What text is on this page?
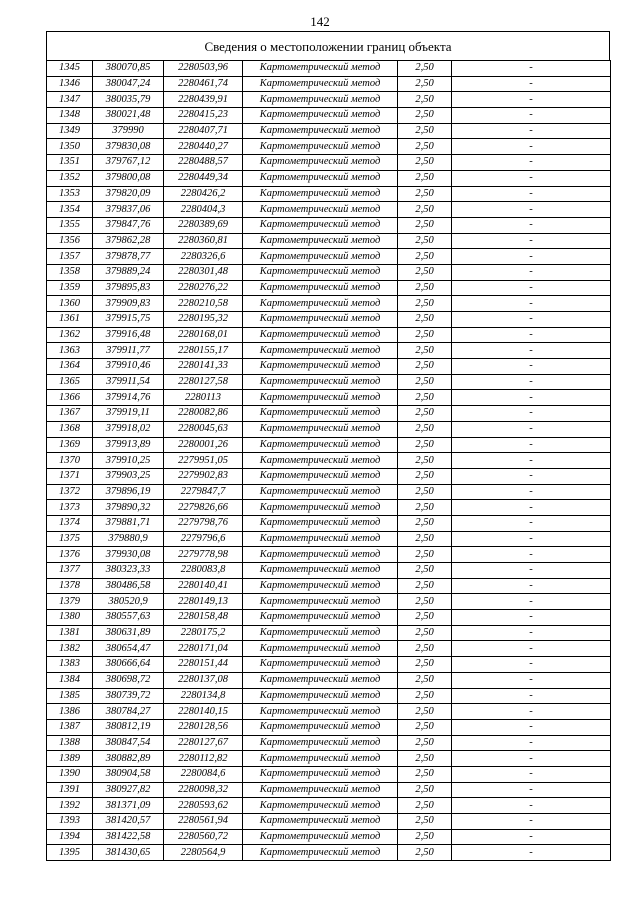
142
Сведения о местоположении границ объекта
1345	380070,85	2280503,96	Картометрический метод	2,50	-
1346	380047,24	2280461,74	Картометрический метод	2,50	-
1347	380035,79	2280439,91	Картометрический метод	2,50	-
1348	380021,48	2280415,23	Картометрический метод	2,50	-
1349	379990	2280407,71	Картометрический метод	2,50	-
1350	379830,08	2280440,27	Картометрический метод	2,50	-
1351	379767,12	2280488,57	Картометрический метод	2,50	-
1352	379800,08	2280449,34	Картометрический метод	2,50	-
1353	379820,09	2280426,2	Картометрический метод	2,50	-
1354	379837,06	2280404,3	Картометрический метод	2,50	-
1355	379847,76	2280389,69	Картометрический метод	2,50	-
1356	379862,28	2280360,81	Картометрический метод	2,50	-
1357	379878,77	2280326,6	Картометрический метод	2,50	-
1358	379889,24	2280301,48	Картометрический метод	2,50	-
1359	379895,83	2280276,22	Картометрический метод	2,50	-
1360	379909,83	2280210,58	Картометрический метод	2,50	-
1361	379915,75	2280195,32	Картометрический метод	2,50	-
1362	379916,48	2280168,01	Картометрический метод	2,50	-
1363	379911,77	2280155,17	Картометрический метод	2,50	-
1364	379910,46	2280141,33	Картометрический метод	2,50	-
1365	379911,54	2280127,58	Картометрический метод	2,50	-
1366	379914,76	2280113	Картометрический метод	2,50	-
1367	379919,11	2280082,86	Картометрический метод	2,50	-
1368	379918,02	2280045,63	Картометрический метод	2,50	-
1369	379913,89	2280001,26	Картометрический метод	2,50	-
1370	379910,25	2279951,05	Картометрический метод	2,50	-
1371	379903,25	2279902,83	Картометрический метод	2,50	-
1372	379896,19	2279847,7	Картометрический метод	2,50	-
1373	379890,32	2279826,66	Картометрический метод	2,50	-
1374	379881,71	2279798,76	Картометрический метод	2,50	-
1375	379880,9	2279796,6	Картометрический метод	2,50	-
1376	379930,08	2279778,98	Картометрический метод	2,50	-
1377	380323,33	2280083,8	Картометрический метод	2,50	-
1378	380486,58	2280140,41	Картометрический метод	2,50	-
1379	380520,9	2280149,13	Картометрический метод	2,50	-
1380	380557,63	2280158,48	Картометрический метод	2,50	-
1381	380631,89	2280175,2	Картометрический метод	2,50	-
1382	380654,47	2280171,04	Картометрический метод	2,50	-
1383	380666,64	2280151,44	Картометрический метод	2,50	-
1384	380698,72	2280137,08	Картометрический метод	2,50	-
1385	380739,72	2280134,8	Картометрический метод	2,50	-
1386	380784,27	2280140,15	Картометрический метод	2,50	-
1387	380812,19	2280128,56	Картометрический метод	2,50	-
1388	380847,54	2280127,67	Картометрический метод	2,50	-
1389	380882,89	2280112,82	Картометрический метод	2,50	-
1390	380904,58	2280084,6	Картометрический метод	2,50	-
1391	380927,82	2280098,32	Картометрический метод	2,50	-
1392	381371,09	2280593,62	Картометрический метод	2,50	-
1393	381420,57	2280561,94	Картометрический метод	2,50	-
1394	381422,58	2280560,72	Картометрический метод	2,50	-
1395	381430,65	2280564,9	Картометрический метод	2,50	-
